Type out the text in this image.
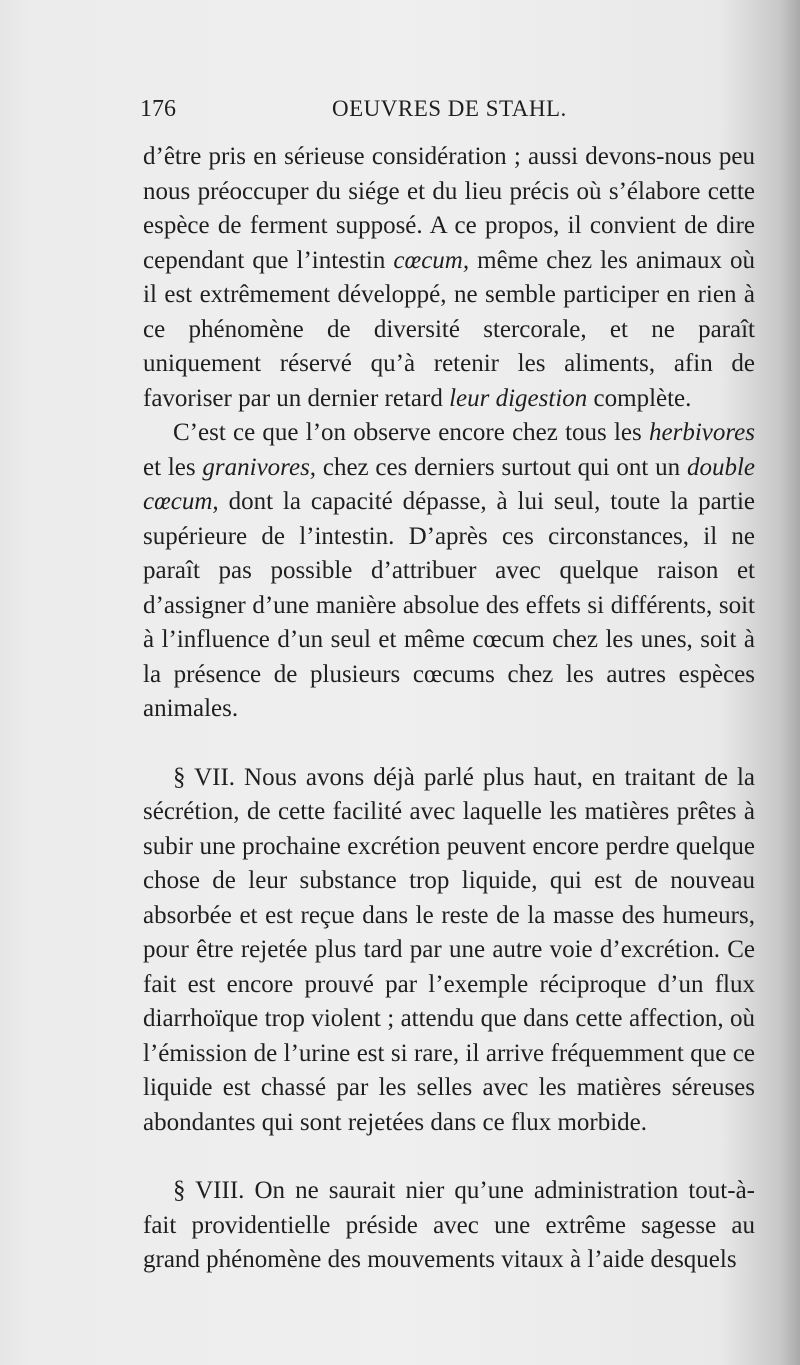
176	OEUVRES DE STAHL.

d’être pris en sérieuse considération ; aussi devons-nous peu nous préoccuper du siége et du lieu précis où s’élabore cette espèce de ferment supposé. A ce propos, il convient de dire cependant que l’intestin cœcum, même chez les animaux où il est extrêmement développé, ne semble participer en rien à ce phénomène de diversité stercorale, et ne paraît uniquement réservé qu’à retenir les aliments, afin de favoriser par un dernier retard leur digestion complète.

C’est ce que l’on observe encore chez tous les herbivores et les granivores, chez ces derniers surtout qui ont un double cœcum, dont la capacité dépasse, à lui seul, toute la partie supérieure de l’intestin. D’après ces circonstances, il ne paraît pas possible d’attribuer avec quelque raison et d’assigner d’une manière absolue des effets si différents, soit à l’influence d’un seul et même cœcum chez les unes, soit à la présence de plusieurs cœcums chez les autres espèces animales.

§ VII. Nous avons déjà parlé plus haut, en traitant de la sécrétion, de cette facilité avec laquelle les matières prêtes à subir une prochaine excrétion peuvent encore perdre quelque chose de leur substance trop liquide, qui est de nouveau absorbée et est reçue dans le reste de la masse des humeurs, pour être rejetée plus tard par une autre voie d’excrétion. Ce fait est encore prouvé par l’exemple réciproque d’un flux diarrhoïque trop violent ; attendu que dans cette affection, où l’émission de l’urine est si rare, il arrive fréquemment que ce liquide est chassé par les selles avec les matières séreuses abondantes qui sont rejetées dans ce flux morbide.

§ VIII. On ne saurait nier qu’une administration tout-à-fait providentielle préside avec une extrême sagesse au grand phénomène des mouvements vitaux à l’aide desquels
